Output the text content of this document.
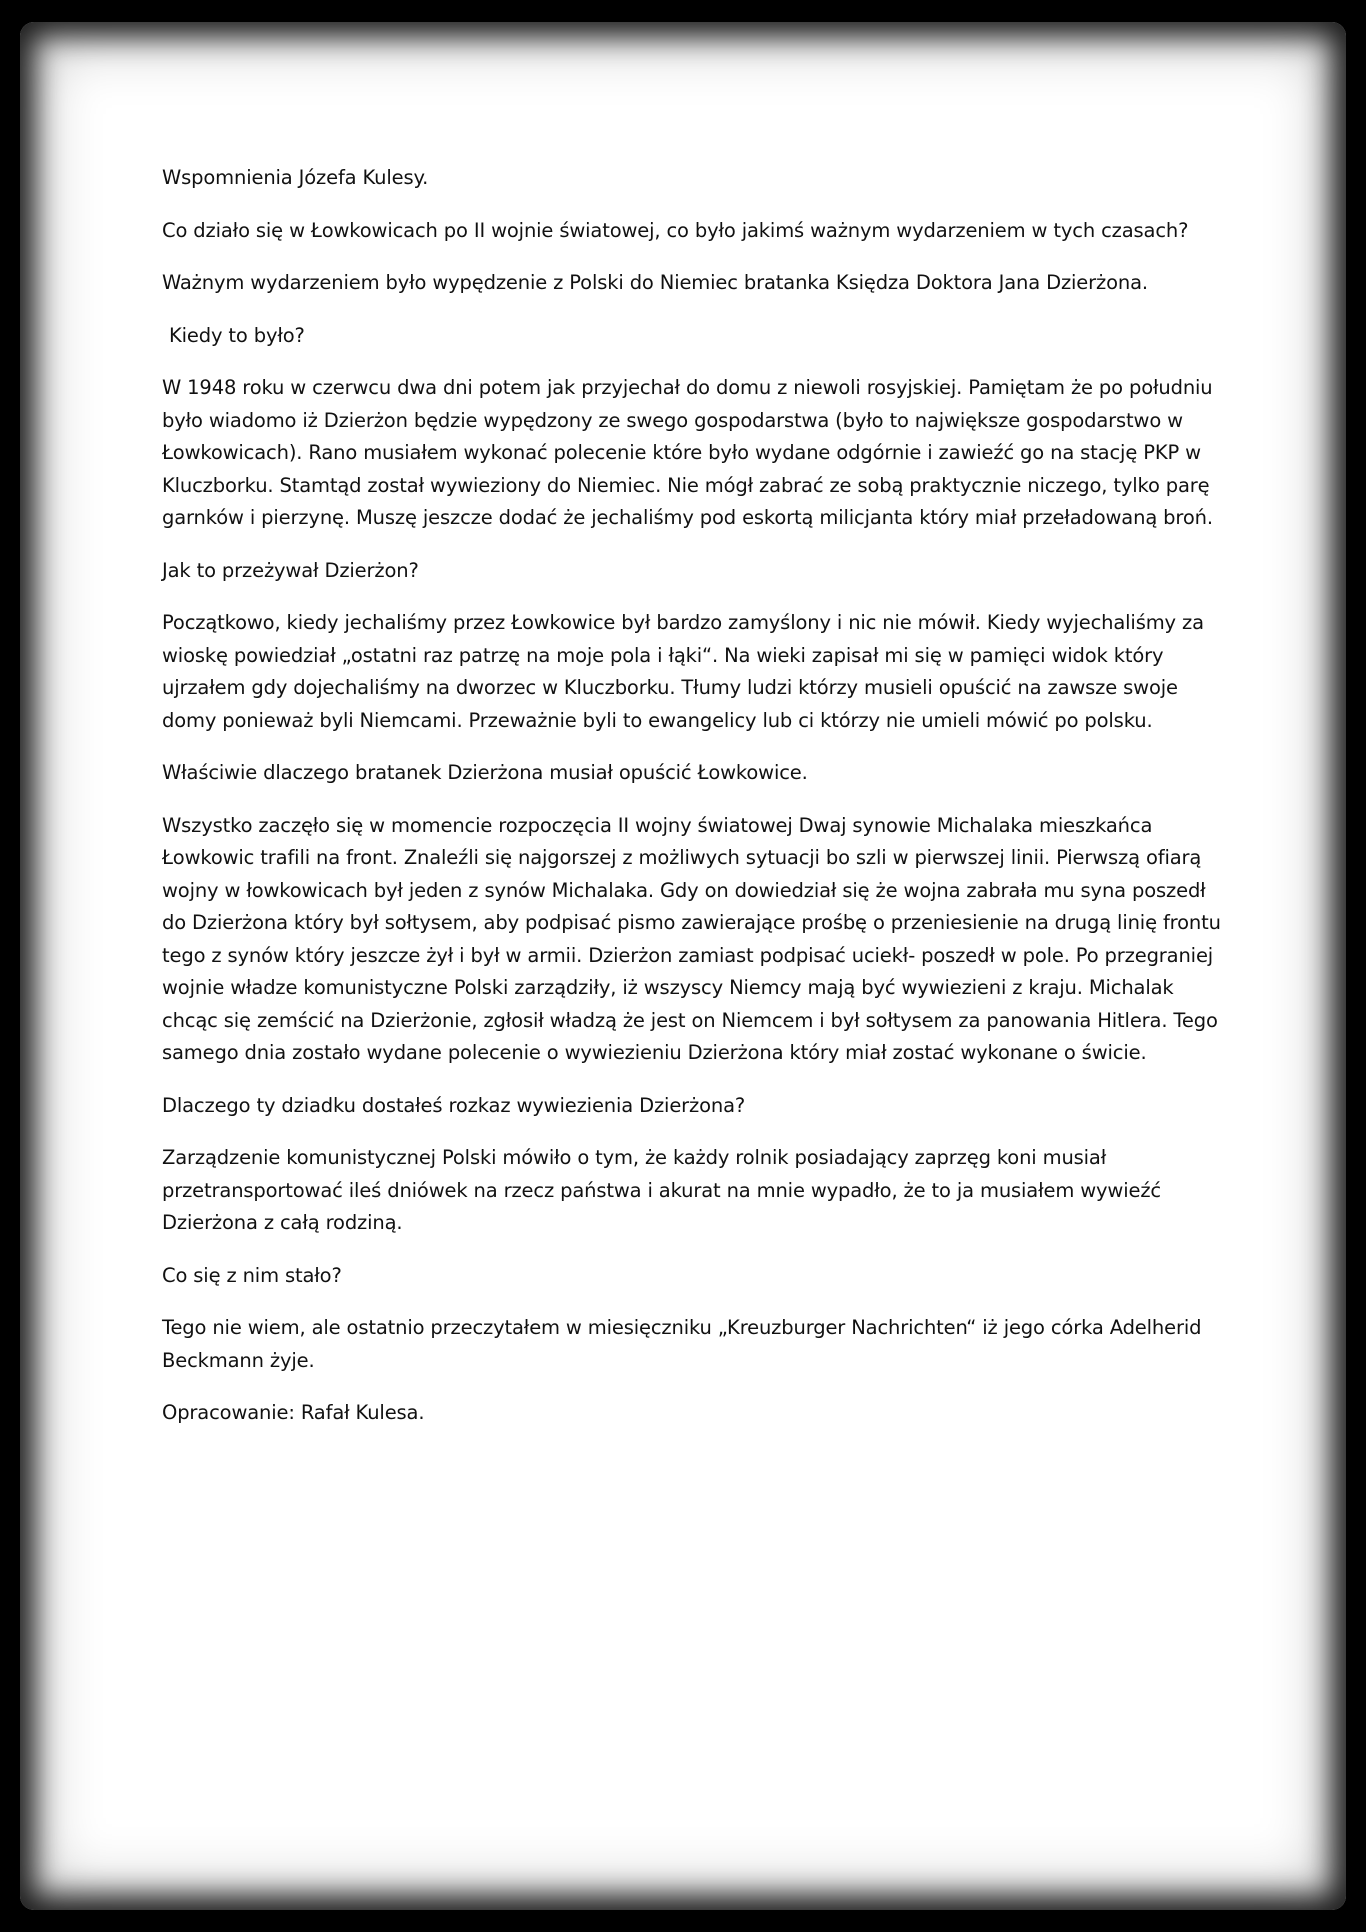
Wspomnienia Józefa Kulesy.

Co działo się w Łowkowicach po II wojnie światowej, co było jakimś ważnym wydarzeniem w tych czasach?

Ważnym wydarzeniem było wypędzenie z Polski do Niemiec bratanka Księdza Doktora Jana Dzierżona.

Kiedy to było?

W 1948 roku w czerwcu dwa dni potem jak przyjechał do domu z niewoli rosyjskiej. Pamiętam że po południu było wiadomo iż Dzierżon będzie wypędzony ze swego gospodarstwa (było to największe gospodarstwo w Łowkowicach). Rano musiałem wykonać polecenie które było wydane odgórnie i zawieźć go na stację PKP w Kluczborku. Stamtąd został wywieziony do Niemiec. Nie mógł zabrać ze sobą praktycznie niczego, tylko parę garnków i pierzynę. Muszę jeszcze dodać że jechaliśmy pod eskortą milicjanta który miał przeładowaną broń.

Jak to przeżywał Dzierżon?

Początkowo, kiedy jechaliśmy przez Łowkowice był bardzo zamyślony i nic nie mówił. Kiedy wyjechaliśmy za wioskę powiedział „ostatni raz patrzę na moje pola i łąki“. Na wieki zapisał mi się w pamięci widok który ujrzałem gdy dojechaliśmy na dworzec w Kluczborku. Tłumy ludzi którzy musieli opuścić na zawsze swoje domy ponieważ byli Niemcami. Przeważnie byli to ewangelicy lub ci którzy nie umieli mówić po polsku.

Właściwie dlaczego bratanek Dzierżona musiał opuścić Łowkowice.

Wszystko zaczęło się w momencie rozpoczęcia II wojny światowej Dwaj synowie Michalaka mieszkańca Łowkowic trafili na front. Znaleźli się najgorszej z możliwych sytuacji bo szli w pierwszej linii. Pierwszą ofiarą wojny w łowkowicach był jeden z synów Michalaka. Gdy on dowiedział się że wojna zabrała mu syna poszedł do Dzierżona który był sołtysem, aby podpisać pismo zawierające prośbę o przeniesienie na drugą linię frontu tego z synów który jeszcze żył i był w armii. Dzierżon zamiast podpisać uciekł- poszedł w pole. Po przegraniej wojnie władze komunistyczne Polski zarządziły, iż wszyscy Niemcy mają być wywiezieni z kraju. Michalak chcąc się zemścić na Dzierżonie, zgłosił władzą że jest on Niemcem i był sołtysem za panowania Hitlera. Tego samego dnia zostało wydane polecenie o wywiezieniu Dzierżona który miał zostać wykonane o świcie.

Dlaczego ty dziadku dostałeś rozkaz wywiezienia Dzierżona?

Zarządzenie komunistycznej Polski mówiło o tym, że każdy rolnik posiadający zaprzęg koni musiał przetransportować ileś dniówek na rzecz państwa i akurat na mnie wypadło, że to ja musiałem wywieźć Dzierżona z całą rodziną.

Co się z nim stało?

Tego nie wiem, ale ostatnio przeczytałem w miesięczniku „Kreuzburger Nachrichten“ iż jego córka Adelherid Beckmann żyje.

Opracowanie: Rafał Kulesa.
